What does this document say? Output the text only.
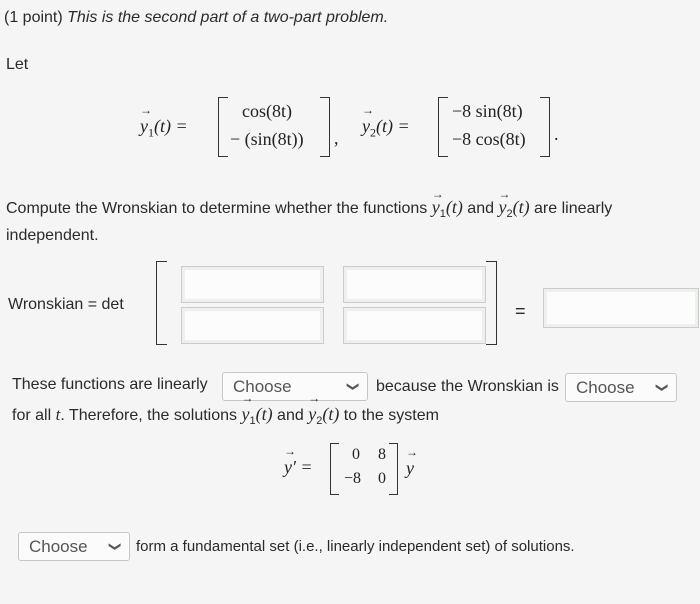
(1 point) This is the second part of a two-part problem.
Let
→ $y_1(t)$ =
cos(8t)
− (sin(8t)) ,
→ $y_2(t)$ =
−8 sin(8t)
−8 cos(8t) .
Compute the Wronskian to determine whether the functions → $y_1(t)$ and → $y_2(t)$ are linearly independent.
Wronskian = det	=
These functions are linearly	Choose	❯ because the Wronskian is	Choose	❯
for all t. Therefore, the solutions → $y_1(t)$ and → $y_2(t)$ to the system
→ y′ =
0 8
−8 0
→ y
Choose	❯ form a fundamental set (i.e., linearly independent set) of solutions.
